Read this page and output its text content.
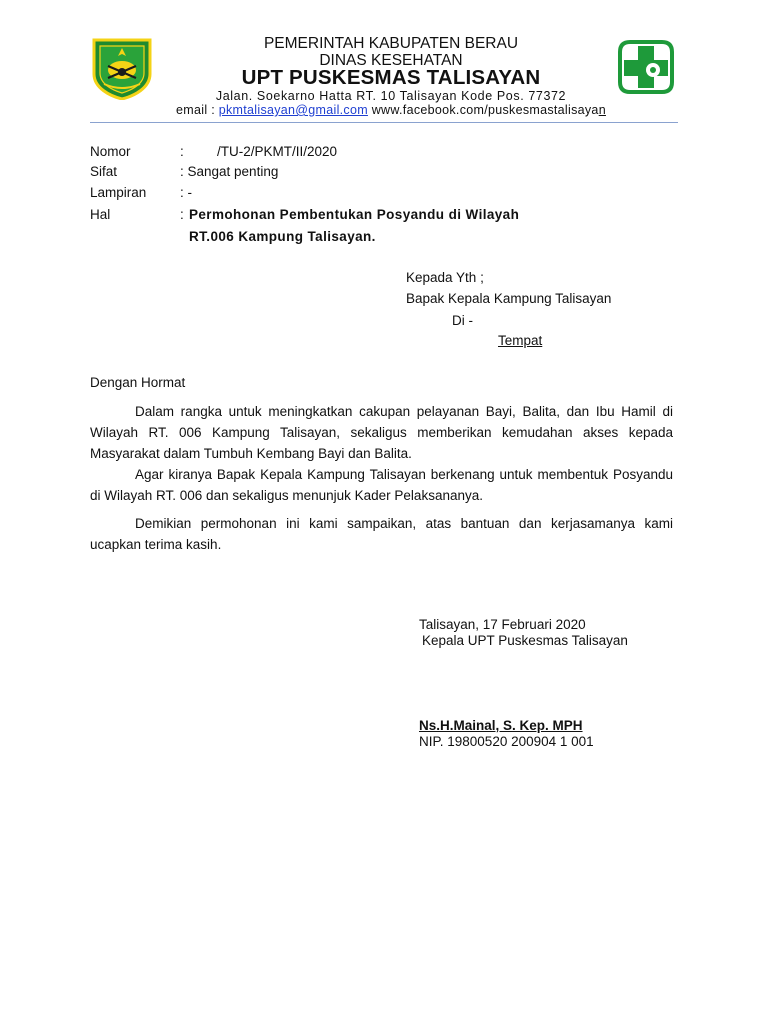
PEMERINTAH KABUPATEN BERAU
DINAS KESEHATAN
UPT PUSKESMAS TALISAYAN
Jalan. Soekarno Hatta RT. 10 Talisayan Kode Pos. 77372
email : pkmtalisayan@gmail.com www.facebook.com/puskesmastalisayan
Nomor	: /TU-2/PKMT/II/2020
Sifat	: Sangat penting
Lampiran : -
Hal	: Permohonan Pembentukan Posyandu di Wilayah
RT.006 Kampung Talisayan.
Kepada Yth ;
Bapak Kepala Kampung Talisayan
Di -
Tempat
Dengan Hormat
Dalam rangka untuk meningkatkan cakupan pelayanan Bayi, Balita, dan Ibu Hamil di Wilayah RT. 006 Kampung Talisayan, sekaligus memberikan kemudahan akses kepada Masyarakat dalam Tumbuh Kembang Bayi dan Balita.
Agar kiranya Bapak Kepala Kampung Talisayan berkenang untuk membentuk Posyandu di Wilayah RT. 006 dan sekaligus menunjuk Kader Pelaksananya.
Demikian permohonan ini kami sampaikan, atas bantuan dan kerjasamanya kami ucapkan terima kasih.
Talisayan, 17 Februari 2020
Kepala UPT Puskesmas Talisayan
Ns.H.Mainal, S. Kep. MPH
NIP. 19800520 200904 1 001
